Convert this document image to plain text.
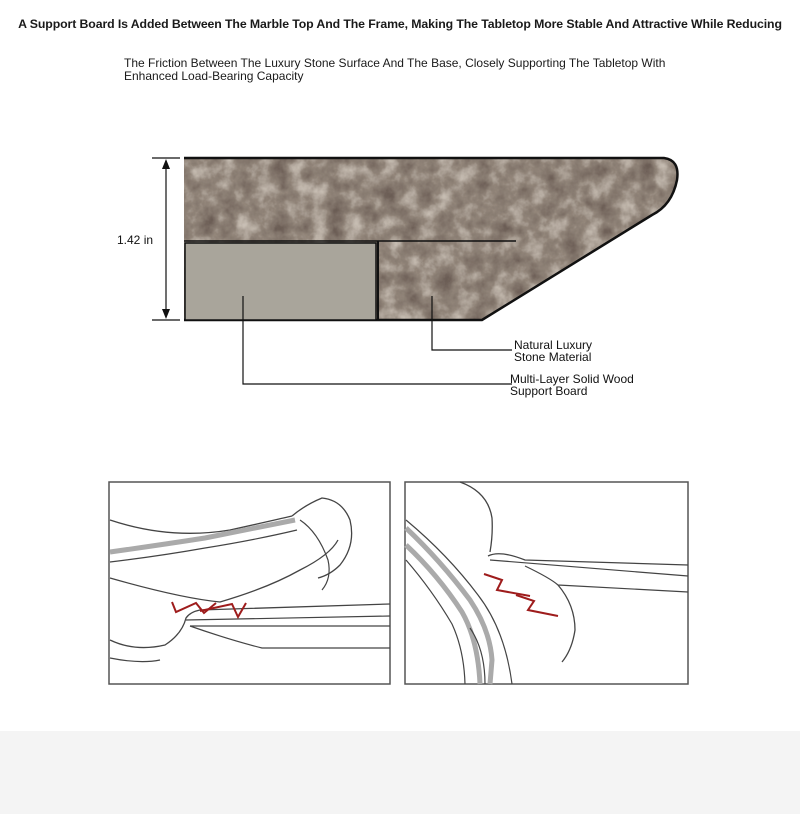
A Support Board Is Added Between The Marble Top And The Frame, Making The Tabletop More Stable And Attractive While Reducing
The Friction Between The Luxury Stone Surface And The Base, Closely Supporting The Tabletop With
Enhanced Load-Bearing Capacity
1.42 in
Natural Luxury
Stone Material
Multi-Layer Solid Wood
Support Board
